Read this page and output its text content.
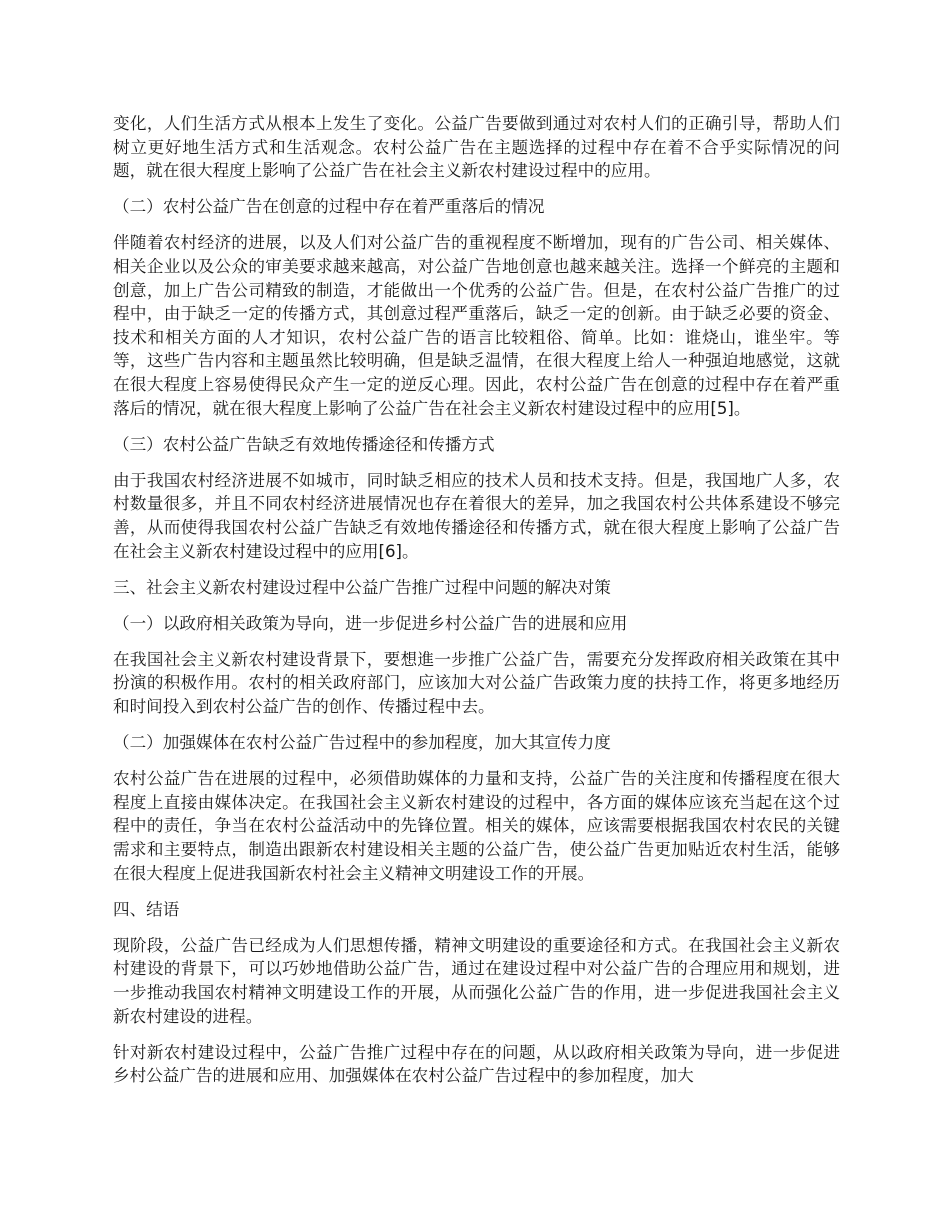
变化，人们生活方式从根本上发生了变化。公益广告要做到通过对农村人们的正确引导，帮助人们树立更好地生活方式和生活观念。农村公益广告在主题选择的过程中存在着不合乎实际情况的问题，就在很大程度上影响了公益广告在社会主义新农村建设过程中的应用。

（二）农村公益广告在创意的过程中存在着严重落后的情况

伴随着农村经济的进展，以及人们对公益广告的重视程度不断增加，现有的广告公司、相关媒体、相关企业以及公众的审美要求越来越高，对公益广告地创意也越来越关注。选择一个鲜亮的主题和创意，加上广告公司精致的制造，才能做出一个优秀的公益广告。但是，在农村公益广告推广的过程中，由于缺乏一定的传播方式，其创意过程严重落后，缺乏一定的创新。由于缺乏必要的资金、技术和相关方面的人才知识，农村公益广告的语言比较粗俗、简单。比如：谁烧山，谁坐牢。等等，这些广告内容和主题虽然比较明确，但是缺乏温情，在很大程度上给人一种强迫地感觉，这就在很大程度上容易使得民众产生一定的逆反心理。因此，农村公益广告在创意的过程中存在着严重落后的情况，就在很大程度上影响了公益广告在社会主义新农村建设过程中的应用[5]。

（三）农村公益广告缺乏有效地传播途径和传播方式

由于我国农村经济进展不如城市，同时缺乏相应的技术人员和技术支持。但是，我国地广人多，农村数量很多，并且不同农村经济进展情况也存在着很大的差异，加之我国农村公共体系建设不够完善，从而使得我国农村公益广告缺乏有效地传播途径和传播方式，就在很大程度上影响了公益广告在社会主义新农村建设过程中的应用[6]。

三、社会主义新农村建设过程中公益广告推广过程中问题的解决对策

（一）以政府相关政策为导向，进一步促进乡村公益广告的进展和应用

在我国社会主义新农村建设背景下，要想進一步推广公益广告，需要充分发挥政府相关政策在其中扮演的积极作用。农村的相关政府部门，应该加大对公益广告政策力度的扶持工作，将更多地经历和时间投入到农村公益广告的创作、传播过程中去。

（二）加强媒体在农村公益广告过程中的参加程度，加大其宣传力度

农村公益广告在进展的过程中，必须借助媒体的力量和支持，公益广告的关注度和传播程度在很大程度上直接由媒体决定。在我国社会主义新农村建设的过程中，各方面的媒体应该充当起在这个过程中的责任，争当在农村公益活动中的先锋位置。相关的媒体，应该需要根据我国农村农民的关键需求和主要特点，制造出跟新农村建设相关主题的公益广告，使公益广告更加贴近农村生活，能够在很大程度上促进我国新农村社会主义精神文明建设工作的开展。

四、结语

现阶段，公益广告已经成为人们思想传播，精神文明建设的重要途径和方式。在我国社会主义新农村建设的背景下，可以巧妙地借助公益广告，通过在建设过程中对公益广告的合理应用和规划，进一步推动我国农村精神文明建设工作的开展，从而强化公益广告的作用，进一步促进我国社会主义新农村建设的进程。

针对新农村建设过程中，公益广告推广过程中存在的问题，从以政府相关政策为导向，进一步促进乡村公益广告的进展和应用、加强媒体在农村公益广告过程中的参加程度，加大
